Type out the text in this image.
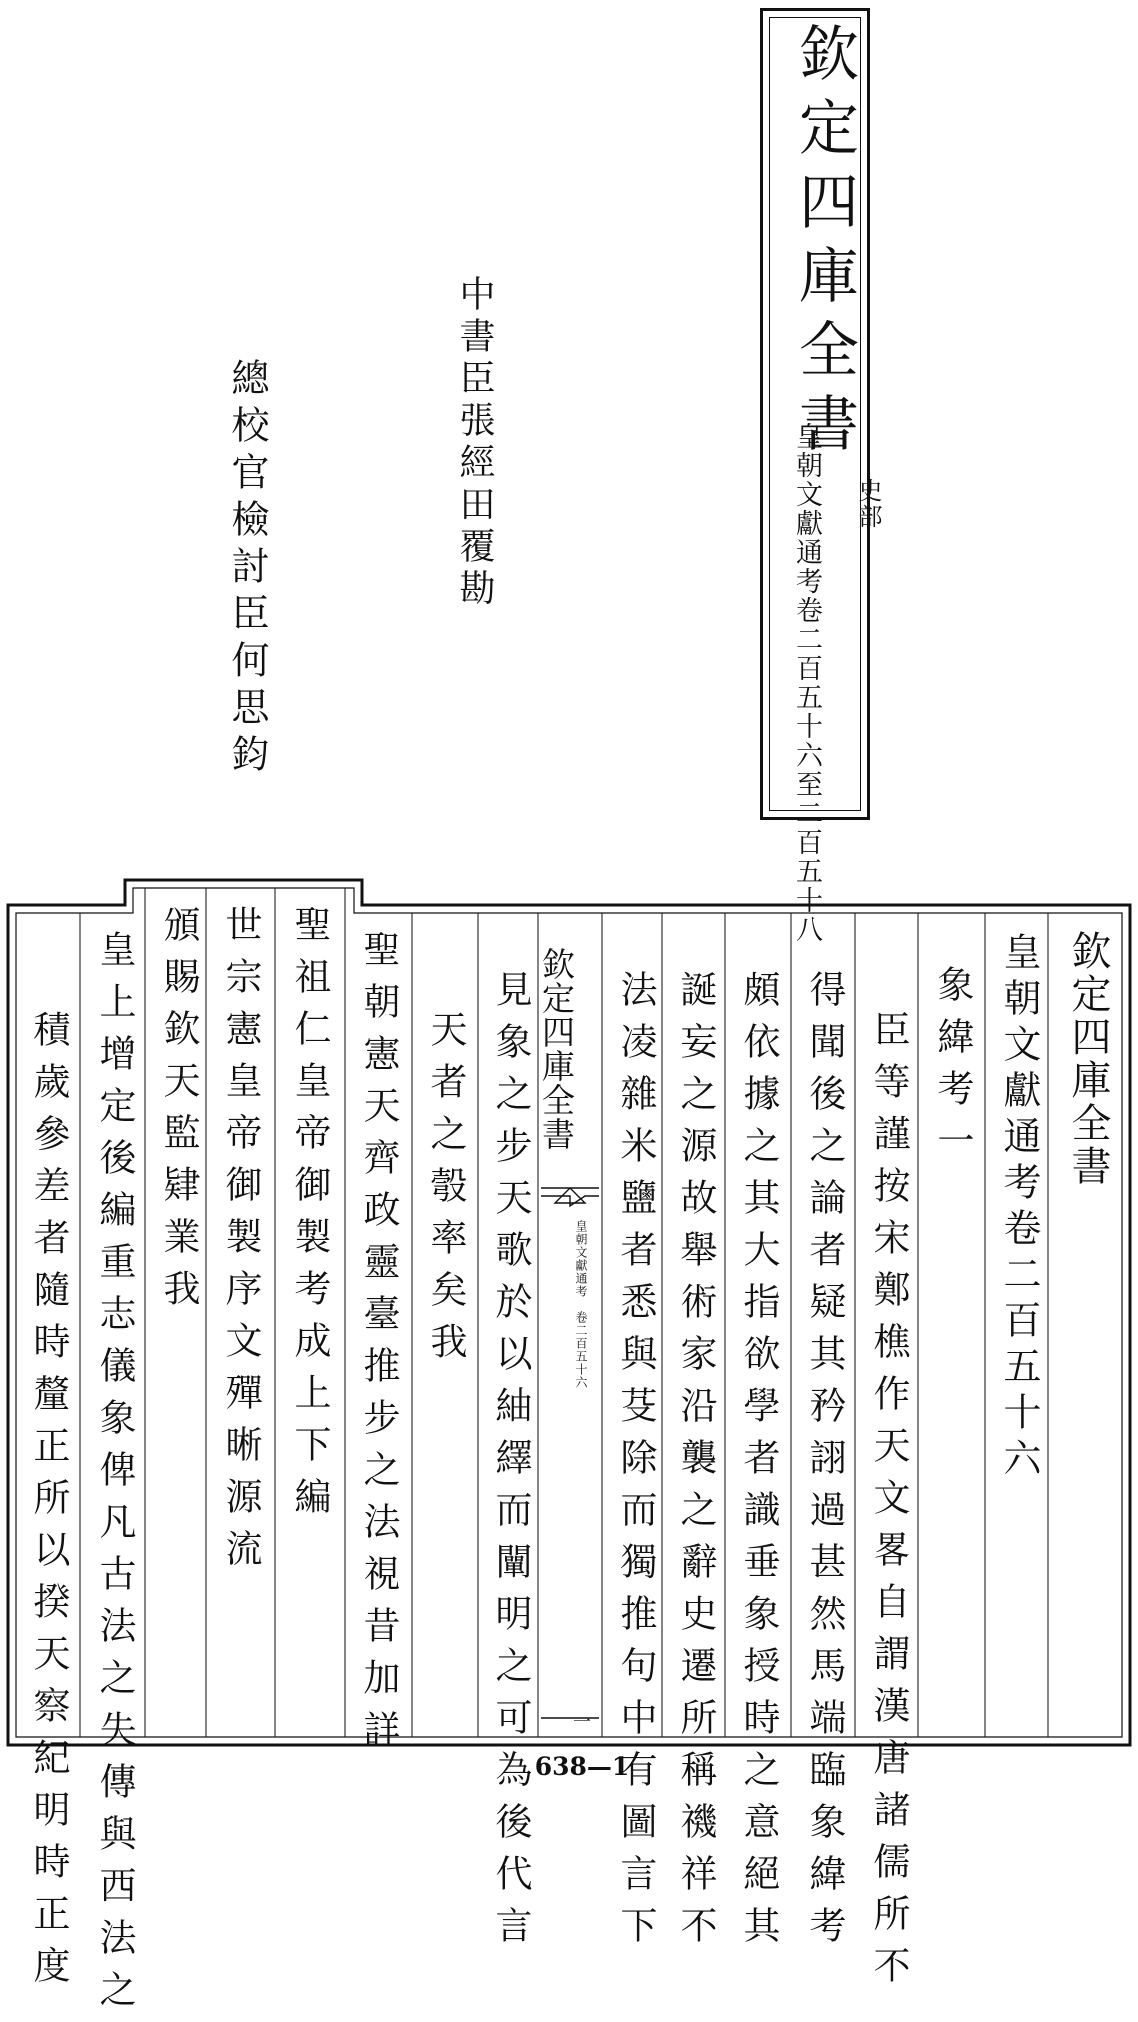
欽定四庫全書
皇朝文獻通考卷二百五十六至二百五十八 史部
中書臣張經田覆勘
總校官檢討臣何思鈞
欽定四庫全書
皇朝文獻通考卷二百五十六
象緯考一
臣等謹按宋鄭樵作天文畧自謂漢唐諸儒所不
得聞後之論者疑其矜詡過甚然馬端臨象緯考
頗依據之其大指欲學者識垂象授時之意絕其
誕妄之源故舉術家沿襲之辭史遷所稱禨祥不
法凌雜米鹽者悉與芟除而獨推句中有圖言下
欽定四庫全書
皇朝文獻通考　卷二百五十六
一
見象之步天歌於以紬繹而闡明之可為後代言
天者之彀率矣我
聖朝憲天齊政靈臺推步之法視昔加詳
聖祖仁皇帝御製考成上下編
世宗憲皇帝御製序文殫晰源流
頒賜欽天監肄業我
皇上增定後編重志儀象俾凡古法之失傳與西法之
積歲參差者隨時釐正所以揆天察紀明時正度	638—1
